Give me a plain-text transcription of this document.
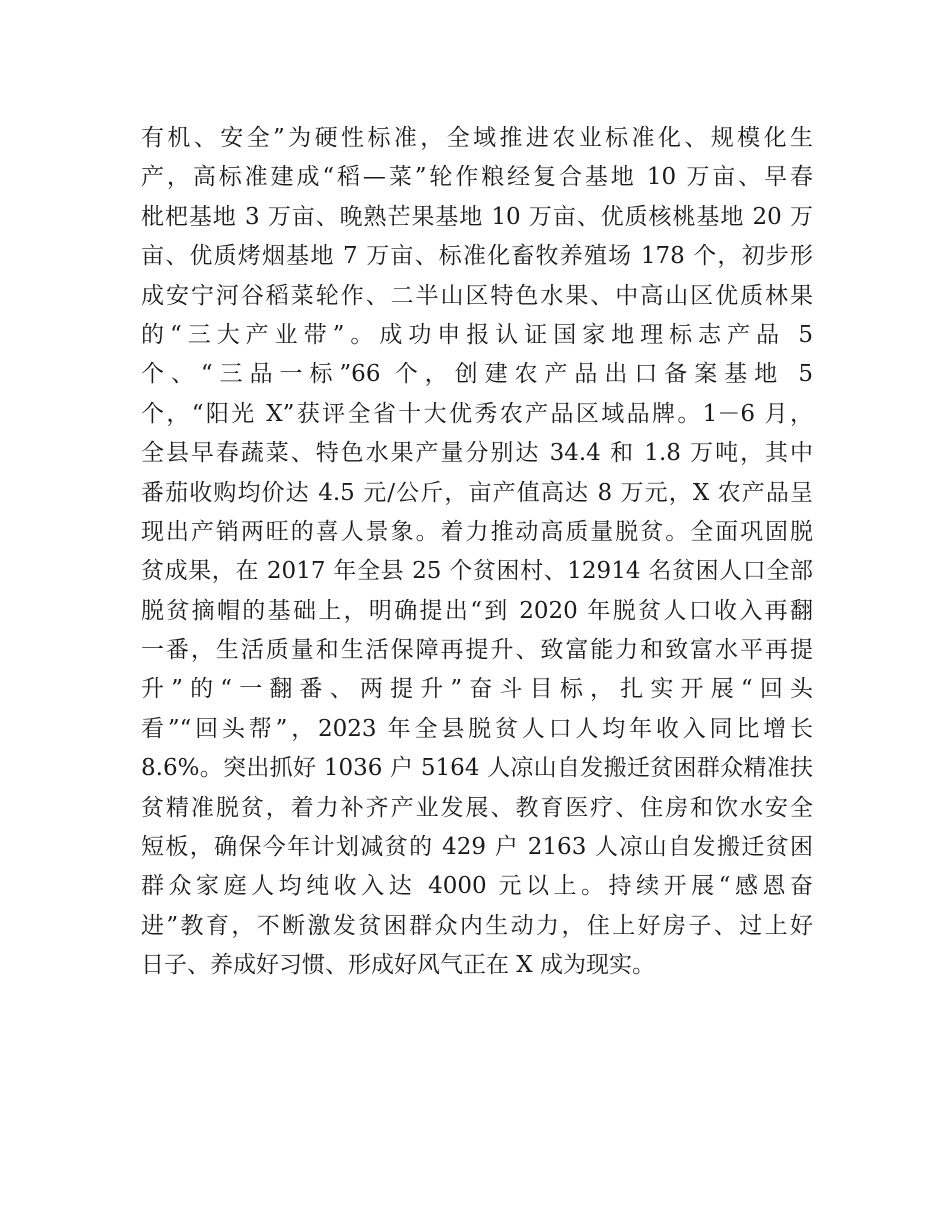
有机、安全”为硬性标准，全域推进农业标准化、规模化生
产，高标准建成“稻—菜”轮作粮经复合基地 10 万亩、早春
枇杷基地 3 万亩、晚熟芒果基地 10 万亩、优质核桃基地 20 万
亩、优质烤烟基地 7 万亩、标准化畜牧养殖场 178 个，初步形
成安宁河谷稻菜轮作、二半山区特色水果、中高山区优质林果
的“三大产业带”。成功申报认证国家地理标志产品 5
个、“三品一标”66 个，创建农产品出口备案基地 5
个，“阳光 X”获评全省十大优秀农产品区域品牌。1－6 月，
全县早春蔬菜、特色水果产量分别达 34.4 和 1.8 万吨，其中
番茄收购均价达 4.5 元/公斤，亩产值高达 8 万元，X 农产品呈
现出产销两旺的喜人景象。着力推动高质量脱贫。全面巩固脱
贫成果，在 2017 年全县 25 个贫困村、12914 名贫困人口全部
脱贫摘帽的基础上，明确提出“到 2020 年脱贫人口收入再翻
一番，生活质量和生活保障再提升、致富能力和致富水平再提
升”的“一翻番、两提升”奋斗目标，扎实开展“回头
看”“回头帮”，2023 年全县脱贫人口人均年收入同比增长
8.6%。突出抓好 1036 户 5164 人凉山自发搬迁贫困群众精准扶
贫精准脱贫，着力补齐产业发展、教育医疗、住房和饮水安全
短板，确保今年计划减贫的 429 户 2163 人凉山自发搬迁贫困
群众家庭人均纯收入达 4000 元以上。持续开展“感恩奋
进”教育，不断激发贫困群众内生动力，住上好房子、过上好
日子、养成好习惯、形成好风气正在 X 成为现实。
